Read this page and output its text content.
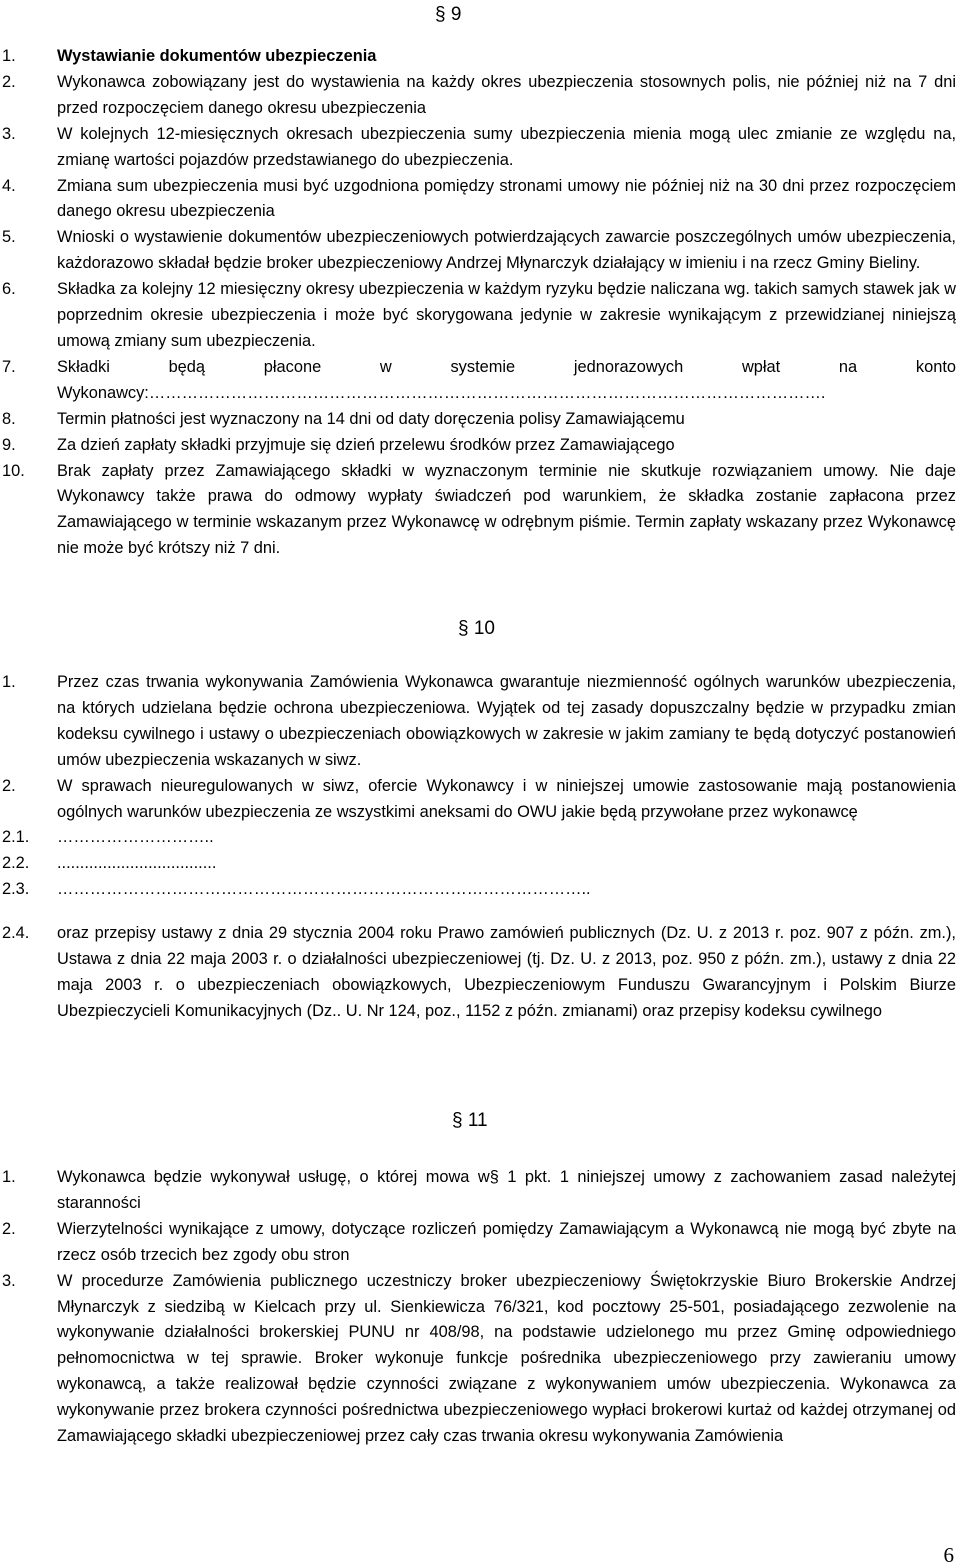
§ 9
1.	Wystawianie dokumentów ubezpieczenia
2.	Wykonawca zobowiązany jest do wystawienia na każdy okres ubezpieczenia stosownych polis, nie później niż na 7 dni przed rozpoczęciem danego okresu ubezpieczenia
3.	W kolejnych 12-miesięcznych okresach ubezpieczenia sumy ubezpieczenia mienia mogą ulec zmianie ze względu na, zmianę wartości pojazdów przedstawianego do ubezpieczenia.
4.	Zmiana sum ubezpieczenia musi być uzgodniona pomiędzy stronami umowy nie później niż na 30 dni przez rozpoczęciem danego okresu ubezpieczenia
5.	Wnioski o wystawienie dokumentów ubezpieczeniowych potwierdzających zawarcie poszczególnych umów ubezpieczenia, każdorazowo składał będzie broker ubezpieczeniowy Andrzej Młynarczyk działający w imieniu i na rzecz Gminy Bieliny.
6.	Składka za kolejny 12 miesięczny okresy ubezpieczenia w każdym ryzyku będzie naliczana wg. takich samych stawek jak w poprzednim okresie ubezpieczenia i może być skorygowana jedynie w zakresie wynikającym z przewidzianej niniejszą umową zmiany sum ubezpieczenia.
7.	Składki będą płacone w systemie jednorazowych wpłat na konto Wykonawcy:…………………………………………………………………………………………………………….
8.	Termin płatności jest wyznaczony na 14 dni od daty doręczenia polisy Zamawiającemu
9.	Za dzień zapłaty składki przyjmuje się dzień przelewu środków przez Zamawiającego
10. Brak zapłaty przez Zamawiającego składki w wyznaczonym terminie nie skutkuje rozwiązaniem umowy. Nie daje Wykonawcy także prawa do odmowy wypłaty świadczeń pod warunkiem, że składka zostanie zapłacona przez Zamawiającego w terminie wskazanym przez Wykonawcę w odrębnym piśmie. Termin zapłaty wskazany przez Wykonawcę nie może być krótszy niż 7 dni.
§ 10
1.	Przez czas trwania wykonywania Zamówienia Wykonawca gwarantuje niezmienność ogólnych warunków ubezpieczenia, na których udzielana będzie ochrona ubezpieczeniowa. Wyjątek od tej zasady dopuszczalny będzie w przypadku zmian kodeksu cywilnego i ustawy o ubezpieczeniach obowiązkowych w zakresie w jakim zamiany te będą dotyczyć postanowień umów ubezpieczenia wskazanych w siwz.
2.	W sprawach nieuregulowanych w siwz, ofercie Wykonawcy i w niniejszej umowie zastosowanie mają postanowienia ogólnych warunków ubezpieczenia ze wszystkimi aneksami do OWU jakie będą przywołane przez wykonawcę
2.1. ………………………..
2.2. ...................................
2.3. ……………………………………………………………………………………..
2.4. oraz przepisy ustawy z dnia 29 stycznia 2004 roku Prawo zamówień publicznych (Dz. U. z 2013 r. poz. 907 z późn. zm.), Ustawa z dnia 22 maja 2003 r. o działalności ubezpieczeniowej (tj. Dz. U. z 2013, poz. 950 z późn. zm.), ustawy z dnia 22 maja 2003 r. o ubezpieczeniach obowiązkowych, Ubezpieczeniowym Funduszu Gwarancyjnym i Polskim Biurze Ubezpieczycieli Komunikacyjnych (Dz.. U. Nr 124, poz., 1152 z późn. zmianami) oraz przepisy kodeksu cywilnego
§ 11
1.	Wykonawca będzie wykonywał usługę, o której mowa w§ 1 pkt. 1 niniejszej umowy z zachowaniem zasad należytej staranności
2.	Wierzytelności wynikające z umowy, dotyczące rozliczeń pomiędzy Zamawiającym a Wykonawcą nie mogą być zbyte na rzecz osób trzecich bez zgody obu stron
3.	W procedurze Zamówienia publicznego uczestniczy broker ubezpieczeniowy Świętokrzyskie Biuro Brokerskie Andrzej Młynarczyk z siedzibą w Kielcach przy ul. Sienkiewicza 76/321, kod pocztowy 25-501, posiadającego zezwolenie na wykonywanie działalności brokerskiej PUNU nr 408/98, na podstawie udzielonego mu przez Gminę odpowiedniego pełnomocnictwa w tej sprawie. Broker wykonuje funkcje pośrednika ubezpieczeniowego przy zawieraniu umowy wykonawcą, a także realizował będzie czynności związane z wykonywaniem umów ubezpieczenia. Wykonawca za wykonywanie przez brokera czynności pośrednictwa ubezpieczeniowego wypłaci brokerowi kurtaż od każdej otrzymanej od Zamawiającego składki ubezpieczeniowej przez cały czas trwania okresu wykonywania Zamówienia
6
